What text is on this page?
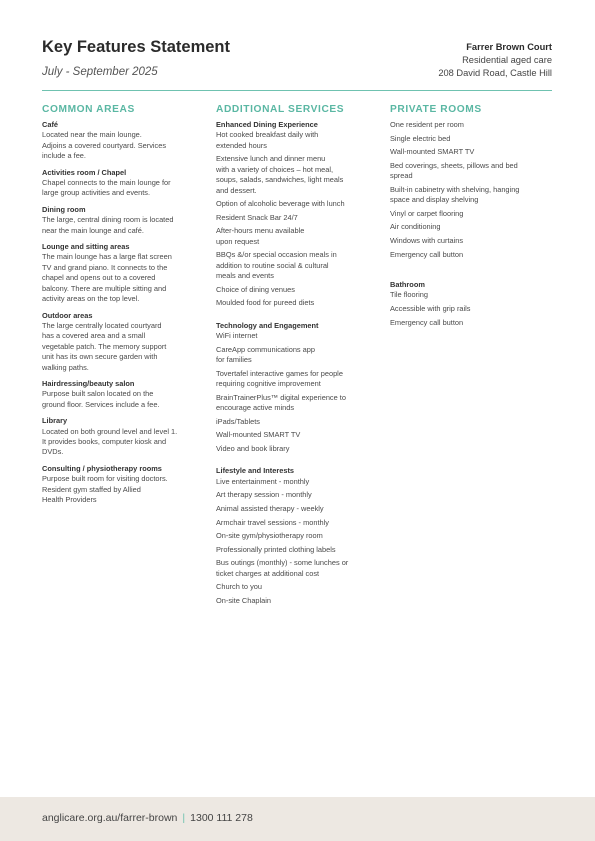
Key Features Statement
July - September 2025
Farrer Brown Court
Residential aged care
208 David Road, Castle Hill
COMMON AREAS
Café
Located near the main lounge.
Adjoins a covered courtyard. Services
include a fee.
Activities room / Chapel
Chapel connects to the main lounge for
large group activities and events.
Dining room
The large, central dining room is located
near the main lounge and café.
Lounge and sitting areas
The main lounge has a large flat screen
TV and grand piano. It connects to the
chapel and opens out to a covered
balcony. There are multiple sitting and
activity areas on the top level.
Outdoor areas
The large centrally located courtyard
has a covered area and a small
vegetable patch. The memory support
unit has its own secure garden with
walking paths.
Hairdressing/beauty salon
Purpose built salon located on the
ground floor. Services include a fee.
Library
Located on both ground level and level 1.
It provides books, computer kiosk and
DVDs.
Consulting / physiotherapy rooms
Purpose built room for visiting doctors.
Resident gym staffed by Allied
Health Providers
ADDITIONAL SERVICES
Enhanced Dining Experience
Hot cooked breakfast daily with
extended hours
Extensive lunch and dinner menu
with a variety of choices – hot meal,
soups, salads, sandwiches, light meals
and dessert.
Option of alcoholic beverage with lunch
Resident Snack Bar 24/7
After-hours menu available
upon request
BBQs &/or special occasion meals in
addition to routine social & cultural
meals and events
Choice of dining venues
Moulded food for pureed diets
Technology and Engagement
WiFi internet
CareApp communications app
for families
Tovertafel interactive games for people
requiring cognitive improvement
BrainTrainerPlus™ digital experience to
encourage active minds
iPads/Tablets
Wall-mounted SMART TV
Video and book library
Lifestyle and Interests
Live entertainment - monthly
Art therapy session - monthly
Animal assisted therapy - weekly
Armchair travel sessions - monthly
On-site gym/physiotherapy room
Professionally printed clothing labels
Bus outings (monthly) - some lunches or
ticket charges at additional cost
Church to you
On-site Chaplain
PRIVATE ROOMS
One resident per room
Single electric bed
Wall-mounted SMART TV
Bed coverings, sheets, pillows and bed
spread
Built-in cabinetry with shelving, hanging
space and display shelving
Vinyl or carpet flooring
Air conditioning
Windows with curtains
Emergency call button
Bathroom
Tile flooring
Accessible with grip rails
Emergency call button
anglicare.org.au/farrer-brown | 1300 111 278
